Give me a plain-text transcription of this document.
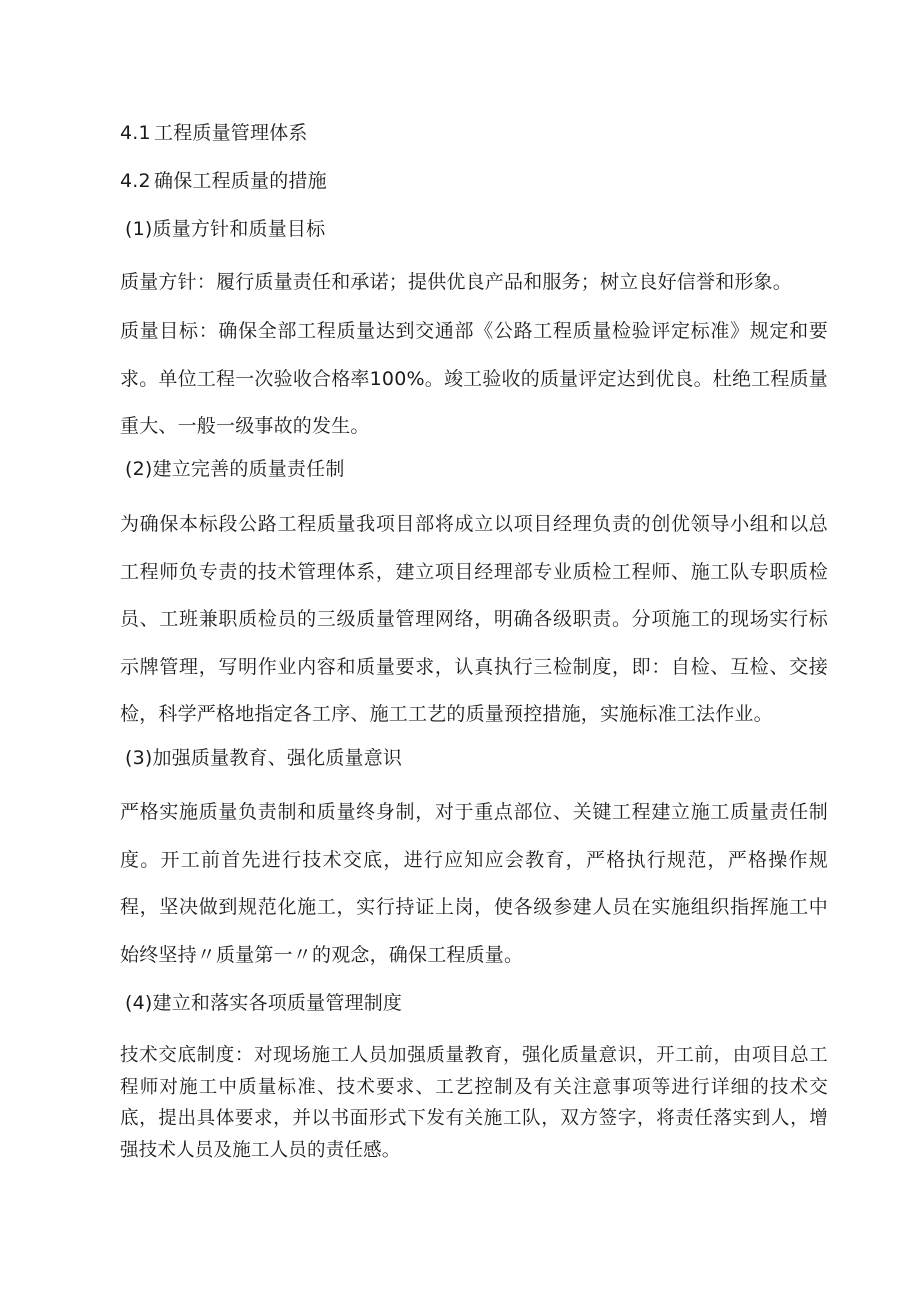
4.1 工程质量管理体系
4.2 确保工程质量的措施
(1)质量方针和质量目标
质量方针：履行质量责任和承诺；提供优良产品和服务；树立良好信誉和形象。
质量目标：确保全部工程质量达到交通部《公路工程质量检验评定标准》规定和要求。单位工程一次验收合格率100%。竣工验收的质量评定达到优良。杜绝工程质量重大、一般一级事故的发生。
(2)建立完善的质量责任制
为确保本标段公路工程质量我项目部将成立以项目经理负责的创优领导小组和以总工程师负专责的技术管理体系，建立项目经理部专业质检工程师、施工队专职质检员、工班兼职质检员的三级质量管理网络，明确各级职责。分项施工的现场实行标示牌管理，写明作业内容和质量要求，认真执行三检制度，即：自检、互检、交接检，科学严格地指定各工序、施工工艺的质量预控措施，实施标准工法作业。
(3)加强质量教育、强化质量意识
严格实施质量负责制和质量终身制，对于重点部位、关键工程建立施工质量责任制度。开工前首先进行技术交底，进行应知应会教育，严格执行规范，严格操作规程，坚决做到规范化施工，实行持证上岗，使各级参建人员在实施组织指挥施工中始终坚持〃质量第一〃的观念，确保工程质量。
(4)建立和落实各项质量管理制度
技术交底制度：对现场施工人员加强质量教育，强化质量意识，开工前，由项目总工程师对施工中质量标准、技术要求、工艺控制及有关注意事项等进行详细的技术交底，提出具体要求，并以书面形式下发有关施工队，双方签字，将责任落实到人，增强技术人员及施工人员的责任感。
